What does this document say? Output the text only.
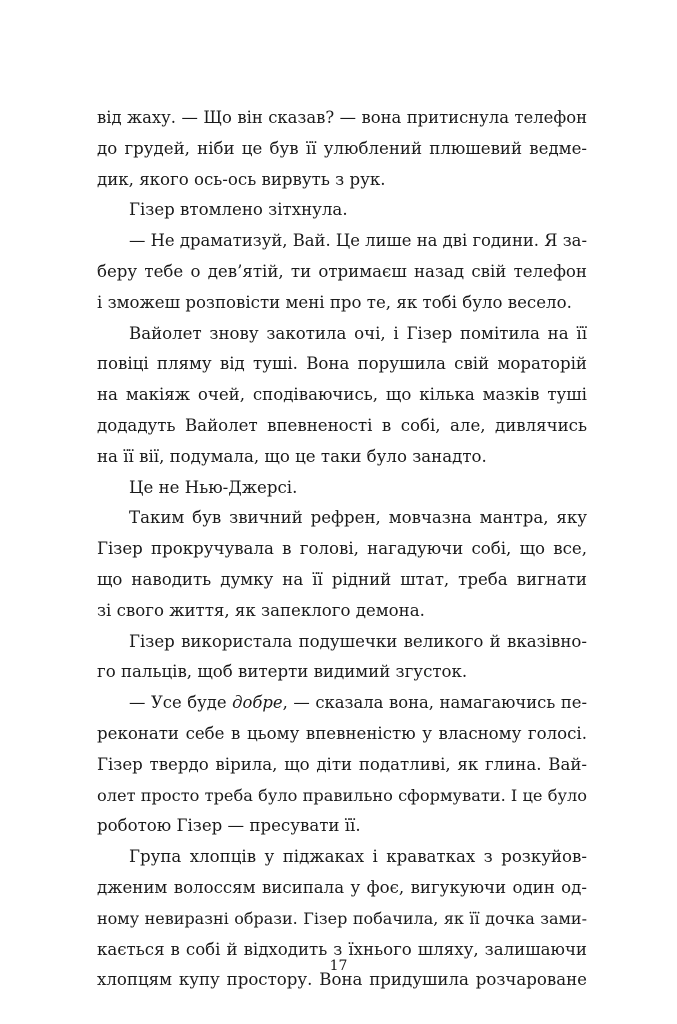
від жаху. — Що він сказав? — вона притиснула телефон
до грудей, ніби це був її улюблений плюшевий ведме-
дик, якого ось-ось вирвуть з рук.
Гізер втомлено зітхнула.
— Не драматизуй, Вай. Це лише на дві години. Я за-
беру тебе о дев’ятій, ти отримаєш назад свій телефон
і зможеш розповісти мені про те, як тобі було весело.
Вайолет знову закотила очі, і Гізер помітила на її
повіці пляму від туші. Вона порушила свій мораторій
на макіяж очей, сподіваючись, що кілька мазків туші
додадуть Вайолет впевненості в собі, але, дивлячись
на її вії, подумала, що це таки було занадто.
Це не Нью-Джерсі.
Таким був звичний рефрен, мовчазна мантра, яку
Гізер прокручувала в голові, нагадуючи собі, що все,
що наводить думку на її рідний штат, треба вигнати
зі свого життя, як запеклого демона.
Гізер використала подушечки великого й вказівно-
го пальців, щоб витерти видимий згусток.
— Усе буде добре, — сказала вона, намагаючись пе-
реконати себе в цьому впевненістю у власному голосі.
Гізер твердо вірила, що діти податливі, як глина. Вай-
олет просто треба було правильно сформувати. І це було
роботою Гізер — пресувати її.
Група хлопців у піджаках і краватках з розкуйов-
дженим волоссям висипала у фоє, вигукуючи один од-
ному невиразні образи. Гізер побачила, як її дочка зами-
кається в собі й відходить з їхнього шляху, залишаючи
хлопцям купу простору. Вона придушила розчароване
17
